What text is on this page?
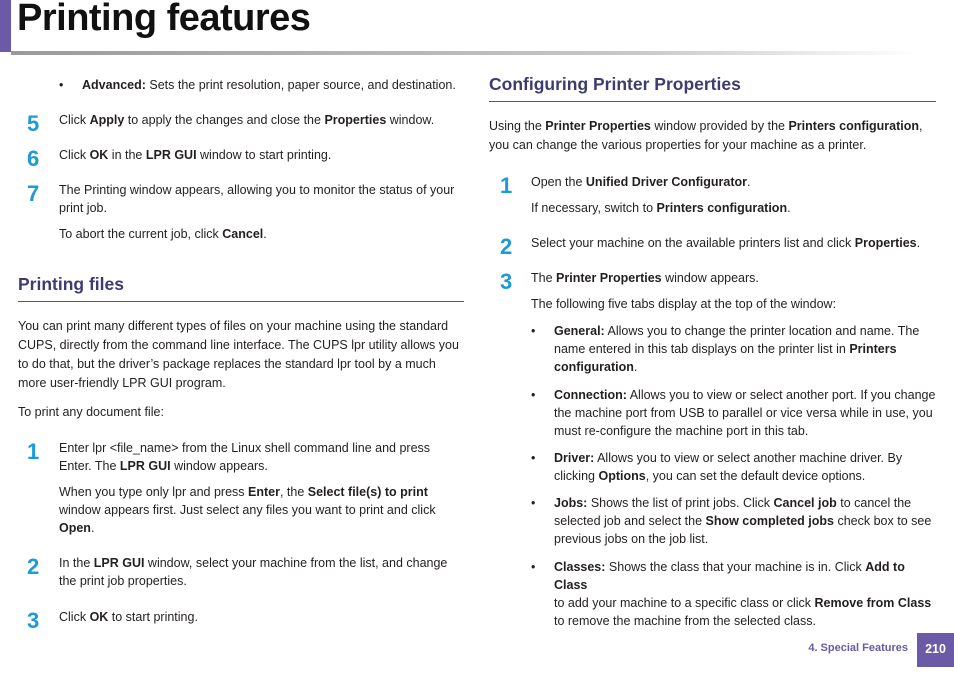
Printing features
• Advanced: Sets the print resolution, paper source, and destination.

5 Click Apply to apply the changes and close the Properties window.

6 Click OK in the LPR GUI window to start printing.

7 The Printing window appears, allowing you to monitor the status of your

print job.

To abort the current job, click Cancel.

Printing files

You can print many different types of files on your machine using the standard

CUPS, directly from the command line interface. The CUPS lpr utility allows you

to do that, but the driver’s package replaces the standard lpr tool by a much

more user-friendly LPR GUI program.

To print any document file:

1 Enter lpr <file_name> from the Linux shell command line and press

Enter. The LPR GUI window appears.

When you type only lpr and press Enter, the Select file(s) to print

window appears first. Just select any files you want to print and click

Open.

2 In the LPR GUI window, select your machine from the list, and change

the print job properties.

3 Click OK to start printing.

Configuring Printer Properties

Using the Printer Properties window provided by the Printers configuration,

you can change the various properties for your machine as a printer.

1 Open the Unified Driver Configurator.

If necessary, switch to Printers configuration.

2 Select your machine on the available printers list and click Properties.

3 The Printer Properties window appears.

The following five tabs display at the top of the window:

• General: Allows you to change the printer location and name. The

name entered in this tab displays on the printer list in Printers

configuration.

• Connection: Allows you to view or select another port. If you change

the machine port from USB to parallel or vice versa while in use, you

must re-configure the machine port in this tab.

• Driver: Allows you to view or select another machine driver. By

clicking Options, you can set the default device options.

• Jobs: Shows the list of print jobs. Click Cancel job to cancel the

selected job and select the Show completed jobs check box to see

previous jobs on the job list.

• Classes: Shows the class that your machine is in. Click Add to Class

to add your machine to a specific class or click Remove from Class

to remove the machine from the selected class.

4. Special Features	210
